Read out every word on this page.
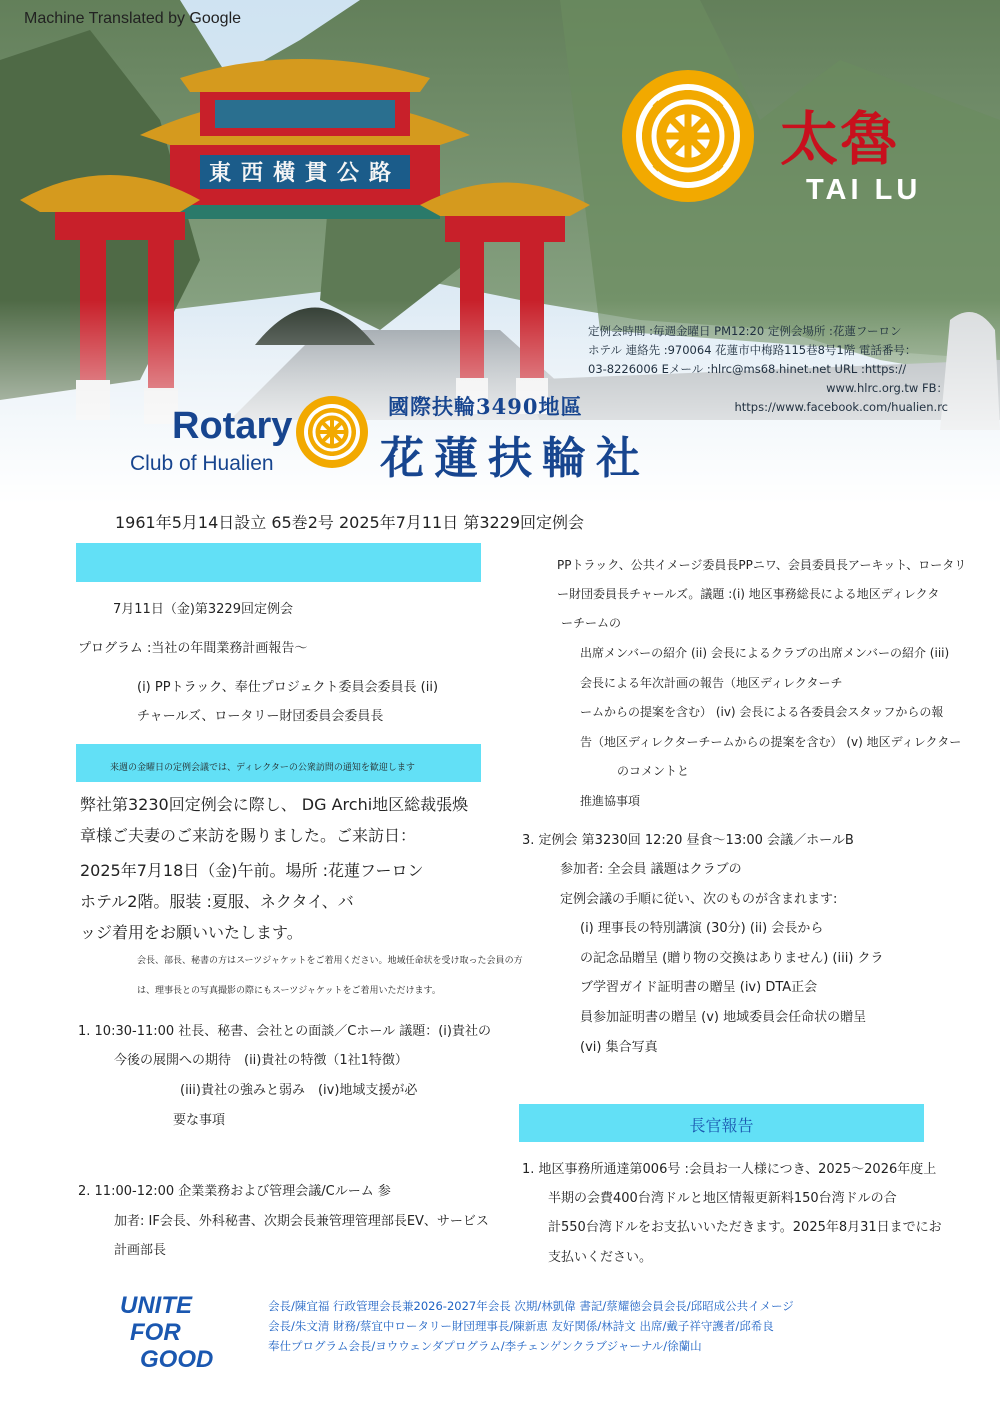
東西橫貫公路
Machine Translated by Google
太魯
TAI LU
定例会時間 :毎週金曜日 PM12:20 定例会場所 :花蓮フーロン
ホテル 連絡先 :970064 花蓮市中梅路115巷8号1階 電話番号：
03-8226006 Eメール :hlrc@ms68.hinet.net URL :https://
www.hlrc.org.tw FB：
https://www.facebook.com/hualien.rc
Rotary
Club of Hualien
國際扶輪3490地區
花蓮扶輪社
1961年5月14日設立 65巻2号 2025年7月11日 第3229回定例会
7月11日（金)第3229回定例会
プログラム :当社の年間業務計画報告〜
(i) PPトラック、奉仕プロジェクト委員会委員長 (ii)
チャールズ、ロータリー財団委員会委員長
来週の金曜日の定例会議では、ディレクターの公衆訪問の通知を歓迎します
弊社第3230回定例会に際し、 DG Archi地区総裁張煥
章様ご夫妻のご来訪を賜りました。ご来訪日：
2025年7月18日（金)午前。場所 :花蓮フーロン
ホテル2階。服装 :夏服、ネクタイ、バ
ッジ着用をお願いいたします。
会長、部長、秘書の方はスーツジャケットをご着用ください。地域任命状を受け取った会員の方
は、理事長との写真撮影の際にもスーツジャケットをご着用いただけます。
1. 10:30-11:00 社長、秘書、会社との面談／Cホール 議題：(i)貴社の
今後の展開への期待　(ii)貴社の特徴（1社1特徴）
(iii)貴社の強みと弱み　(iv)地域支援が必
要な事項
2. 11:00-12:00 企業業務および管理会議/Cルーム 参
加者: IF会長、外科秘書、次期会長兼管理管理部長EV、サービス
計画部長
PPトラック、公共イメージ委員長PPニワ、会員委員長アーキット、ロータリ
ー財団委員長チャールズ。議題 :(i) 地区事務総長による地区ディレクタ
ーチームの
出席メンバーの紹介 (ii) 会長によるクラブの出席メンバーの紹介 (iii)
会長による年次計画の報告（地区ディレクターチ
ームからの提案を含む） (iv) 会長による各委員会スタッフからの報
告（地区ディレクターチームからの提案を含む） (v) 地区ディレクター
のコメントと
推進協事項
3. 定例会 第3230回 12:20 昼食〜13:00 会議／ホールB
参加者: 全会員 議題はクラブの
定例会議の手順に従い、次のものが含まれます:
(i) 理事長の特別講演 (30分) (ii) 会長から
の記念品贈呈 (贈り物の交換はありません) (iii) クラ
ブ学習ガイド証明書の贈呈 (iv) DTA正会
員参加証明書の贈呈 (v) 地域委員会任命状の贈呈
(vi) 集合写真
長官報告
1. 地区事務所通達第006号 :会員お一人様につき、2025〜2026年度上
半期の会費400台湾ドルと地区情報更新料150台湾ドルの合
計550台湾ドルをお支払いいただきます。2025年8月31日までにお
支払いください。
UNITE
FOR
GOOD
会長/陳宜福 行政管理会長兼2026-2027年会長 次期/林凱偉 書記/蔡耀徳会員会長/邱昭成公共イメージ
会長/朱文清 財務/蔡宜中ロータリー財団理事長/陳新恵 友好関係/林詩文 出席/戴子祥守護者/邱希良
奉仕プログラム会長/ヨウウェンダプログラム/李チェンゲンクラブジャーナル/徐蘭山
